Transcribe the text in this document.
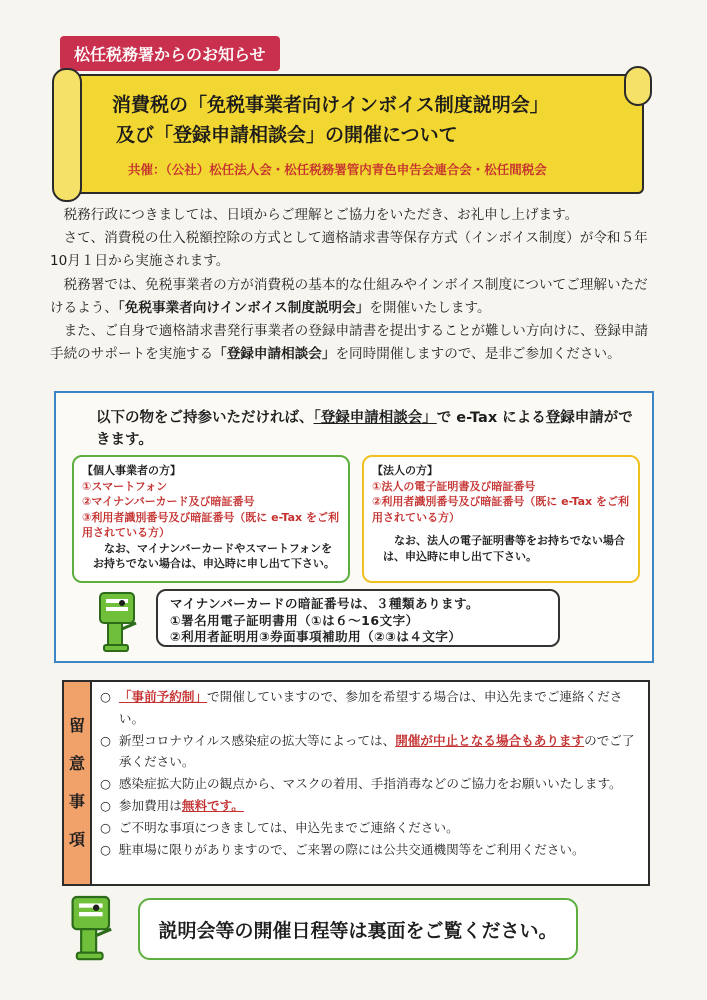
松任税務署からのお知らせ
消費税の「免税事業者向けインボイス制度説明会」
及び「登録申請相談会」の開催について
共催：（公社）松任法人会・松任税務署管内青色申告会連合会・松任間税会

税務行政につきましては、日頃からご理解とご協力をいただき、お礼申し上げます。

さて、消費税の仕入税額控除の方式として適格請求書等保存方式（インボイス制度）が令和５年10月１日から実施されます。

税務署では、免税事業者の方が消費税の基本的な仕組みやインボイス制度についてご理解いただけるよう、「免税事業者向けインボイス制度説明会」を開催いたします。

また、ご自身で適格請求書発行事業者の登録申請書を提出することが難しい方向けに、登録申請手続のサポートを実施する「登録申請相談会」を同時開催しますので、是非ご参加ください。

以下の物をご持参いただければ、「登録申請相談会」で e-Tax による登録申請ができます。
【個人事業者の方】
①スマートフォン
②マイナンバーカード及び暗証番号
③利用者識別番号及び暗証番号（既に e-Tax をご利用されている方）
なお、マイナンバーカードやスマートフォンをお持ちでない場合は、申込時に申し出て下さい。
【法人の方】
①法人の電子証明書及び暗証番号
②利用者識別番号及び暗証番号（既に e-Tax をご利用されている方）
なお、法人の電子証明書等をお持ちでない場合は、申込時に申し出て下さい。
マイナンバーカードの暗証番号は、３種類あります。
①署名用電子証明書用（①は６～16文字）
②利用者証明用③券面事項補助用（②③は４文字）
留
意
事
項
○ 「事前予約制」で開催していますので、参加を希望する場合は、申込先までご連絡ください。
○ 新型コロナウイルス感染症の拡大等によっては、開催が中止となる場合もありますのでご了承ください。
○ 感染症拡大防止の観点から、マスクの着用、手指消毒などのご協力をお願いいたします。
○ 参加費用は無料です。
○ ご不明な事項につきましては、申込先までご連絡ください。
○ 駐車場に限りがありますので、ご来署の際には公共交通機関等をご利用ください。
説明会等の開催日程等は裏面をご覧ください。
